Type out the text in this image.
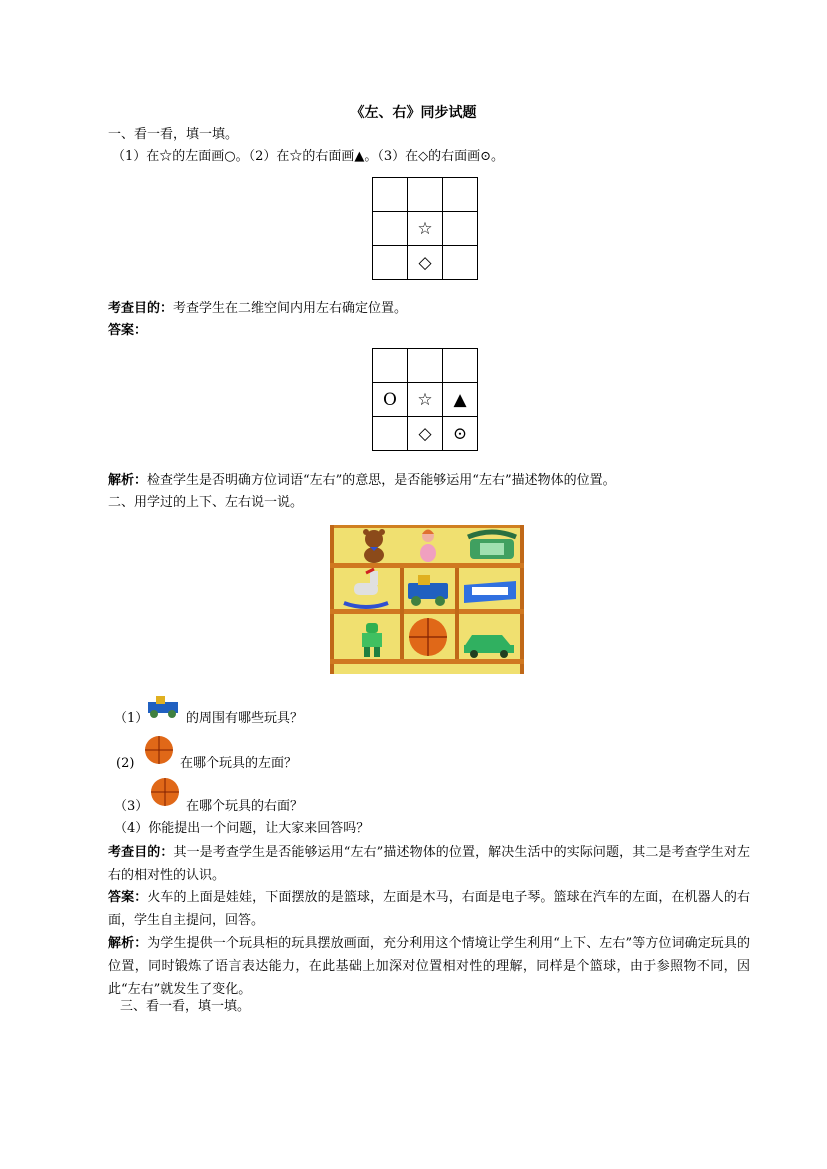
《左、右》同步试题
一、看一看，填一填。
（1）在☆的左面画○。（2）在☆的右面画▲。（3）在◇的右面画⊙。

	☆	
	◇	
考查目的：考查学生在二维空间内用左右确定位置。
答案：

O	☆	▲
	◇	⊙
解析：检查学生是否明确方位词语“左右”的意思，是否能够运用“左右”描述物体的位置。
二、用学过的上下、左右说一说。
（1）	的周围有哪些玩具？
(2)	在哪个玩具的左面？
（3）	在哪个玩具的右面？
（4）你能提出一个问题，让大家来回答吗？
考查目的：其一是考查学生是否能够运用“左右”描述物体的位置，解决生活中的实际问题，其二是考查学生对左右的相对性的认识。
答案：火车的上面是娃娃，下面摆放的是篮球，左面是木马，右面是电子琴。篮球在汽车的左面，在机器人的右面，学生自主提问，回答。
解析：为学生提供一个玩具柜的玩具摆放画面，充分利用这个情境让学生利用“上下、左右”等方位词确定玩具的位置，同时锻炼了语言表达能力，在此基础上加深对位置相对性的理解，同样是个篮球，由于参照物不同，因此“左右”就发生了变化。
三、看一看，填一填。
